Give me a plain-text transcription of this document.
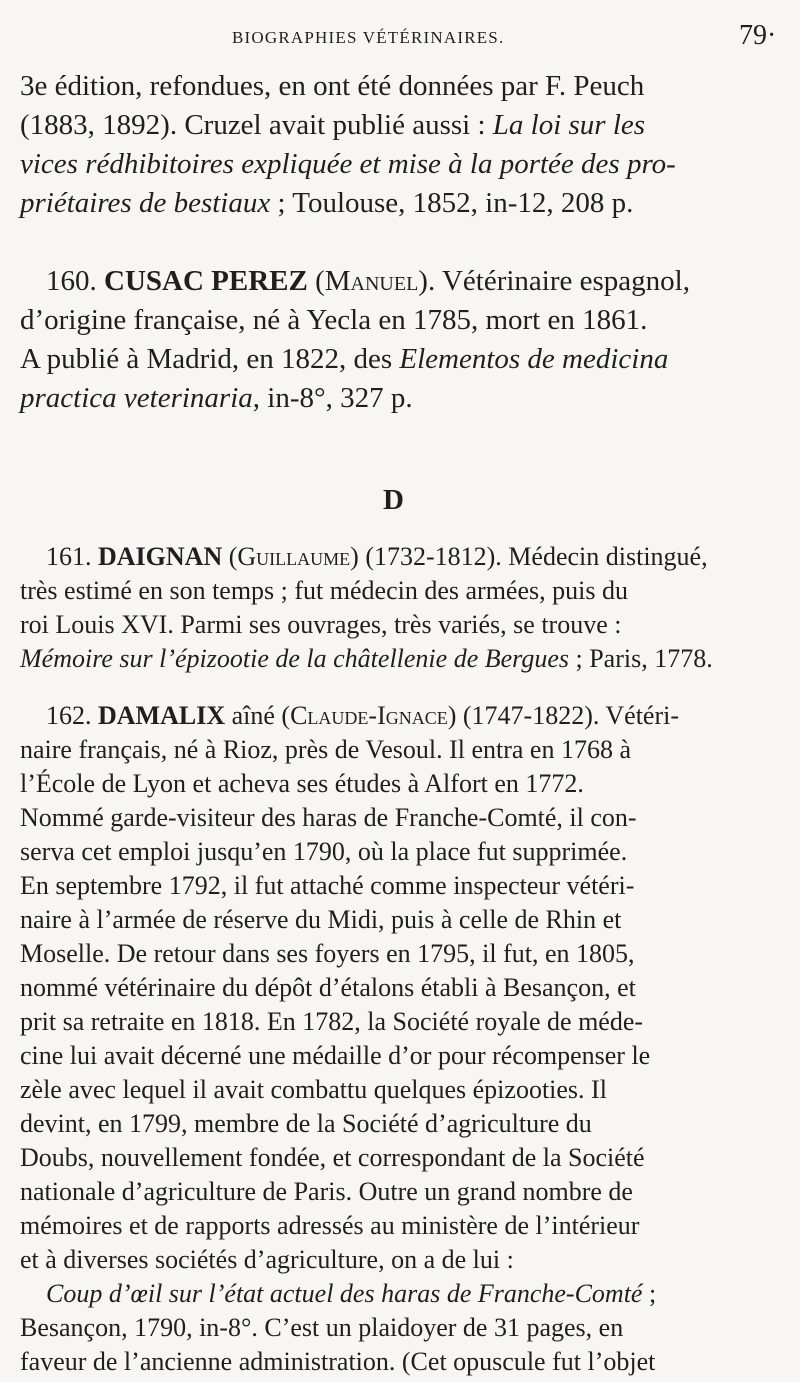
BIOGRAPHIES VÉTÉRINAIRES.	79·
3e édition, refondues, en ont été données par F. Peuch
(1883, 1892). Cruzel avait publié aussi : La loi sur les
vices rédhibitoires expliquée et mise à la portée des pro-
priétaires de bestiaux ; Toulouse, 1852, in-12, 208 p.
160. CUSAC PEREZ (Manuel). Vétérinaire espagnol,
d’origine française, né à Yecla en 1785, mort en 1861.
A publié à Madrid, en 1822, des Elementos de medicina
practica veterinaria, in-8°, 327 p.
D
161. DAIGNAN (Guillaume) (1732-1812). Médecin distingué,
très estimé en son temps ; fut médecin des armées, puis du
roi Louis XVI. Parmi ses ouvrages, très variés, se trouve :
Mémoire sur l’épizootie de la châtellenie de Bergues ; Paris, 1778.
162. DAMALIX aîné (Claude-Ignace) (1747-1822). Vétéri-
naire français, né à Rioz, près de Vesoul. Il entra en 1768 à
l’École de Lyon et acheva ses études à Alfort en 1772.
Nommé garde-visiteur des haras de Franche-Comté, il con-
serva cet emploi jusqu’en 1790, où la place fut supprimée.
En septembre 1792, il fut attaché comme inspecteur vétéri-
naire à l’armée de réserve du Midi, puis à celle de Rhin et
Moselle. De retour dans ses foyers en 1795, il fut, en 1805,
nommé vétérinaire du dépôt d’étalons établi à Besançon, et
prit sa retraite en 1818. En 1782, la Société royale de méde-
cine lui avait décerné une médaille d’or pour récompenser le
zèle avec lequel il avait combattu quelques épizooties. Il
devint, en 1799, membre de la Société d’agriculture du
Doubs, nouvellement fondée, et correspondant de la Société
nationale d’agriculture de Paris. Outre un grand nombre de
mémoires et de rapports adressés au ministère de l’intérieur
et à diverses sociétés d’agriculture, on a de lui :
Coup d’œil sur l’état actuel des haras de Franche-Comté ;
Besançon, 1790, in-8°. C’est un plaidoyer de 31 pages, en
faveur de l’ancienne administration. (Cet opuscule fut l’objet
